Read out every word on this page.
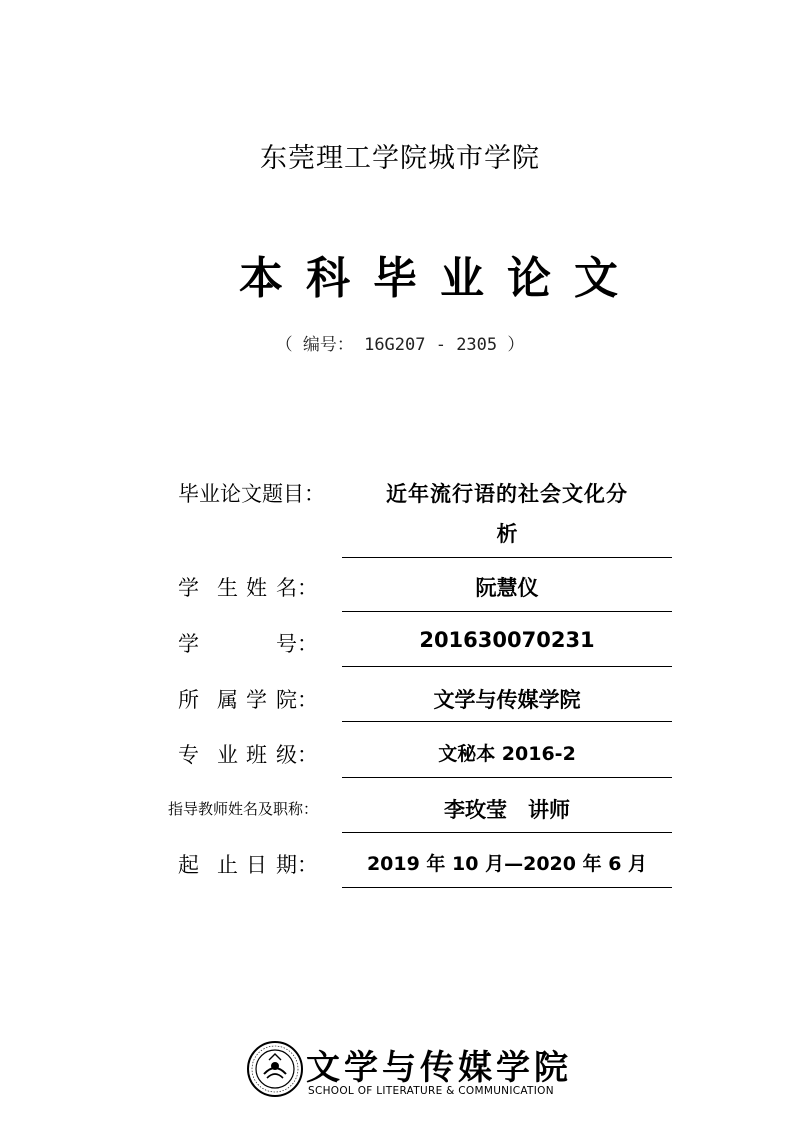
东莞理工学院城市学院
本科毕业论文
（ 编号： 16G207 - 2305 ）
毕业论文题目：	近年流行语的社会文化分
析
学 生 姓 名：	阮慧仪
学	号：	201630070231
所 属 学 院：	文学与传媒学院
专 业 班 级：	文秘本 2016-2
指导教师姓名及职称：	李玫莹　讲师
起 止 日 期：	2019 年 10 月—2020 年 6 月
文学与传媒学院
SCHOOL OF LITERATURE & COMMUNICATION
